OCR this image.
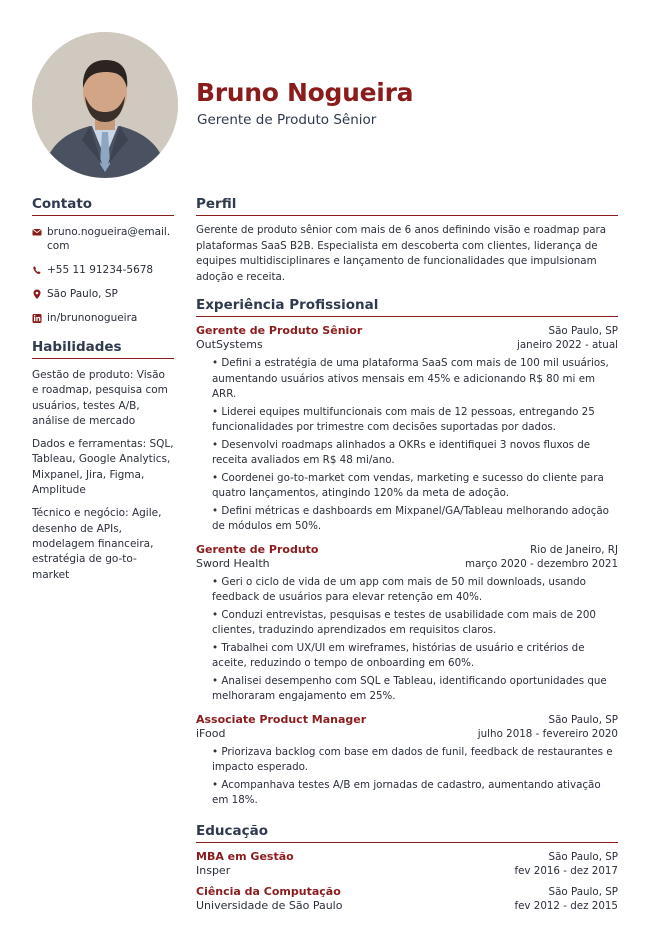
Bruno Nogueira
Gerente de Produto Sênior
Contato
bruno.nogueira@email.com
+55 11 91234-5678
São Paulo, SP
in/brunonogueira
Habilidades
Gestão de produto: Visão e roadmap, pesquisa com usuários, testes A/B, análise de mercado
Dados e ferramentas: SQL, Tableau, Google Analytics, Mixpanel, Jira, Figma, Amplitude
Técnico e negócio: Agile, desenho de APIs, modelagem financeira, estratégia de go-to-market
Perfil
Gerente de produto sênior com mais de 6 anos definindo visão e roadmap para plataformas SaaS B2B. Especialista em descoberta com clientes, liderança de equipes multidisciplinares e lançamento de funcionalidades que impulsionam adoção e receita.
Experiência Profissional
Gerente de Produto Sênior	São Paulo, SP
OutSystems	janeiro 2022 - atual
• Defini a estratégia de uma plataforma SaaS com mais de 100 mil usuários, aumentando usuários ativos mensais em 45% e adicionando R$ 80 mi em ARR.
• Liderei equipes multifuncionais com mais de 12 pessoas, entregando 25 funcionalidades por trimestre com decisões suportadas por dados.
• Desenvolvi roadmaps alinhados a OKRs e identifiquei 3 novos fluxos de receita avaliados em R$ 48 mi/ano.
• Coordenei go-to-market com vendas, marketing e sucesso do cliente para quatro lançamentos, atingindo 120% da meta de adoção.
• Defini métricas e dashboards em Mixpanel/GA/Tableau melhorando adoção de módulos em 50%.
Gerente de Produto	Rio de Janeiro, RJ
Sword Health	março 2020 - dezembro 2021
• Geri o ciclo de vida de um app com mais de 50 mil downloads, usando feedback de usuários para elevar retenção em 40%.
• Conduzi entrevistas, pesquisas e testes de usabilidade com mais de 200 clientes, traduzindo aprendizados em requisitos claros.
• Trabalhei com UX/UI em wireframes, histórias de usuário e critérios de aceite, reduzindo o tempo de onboarding em 60%.
• Analisei desempenho com SQL e Tableau, identificando oportunidades que melhoraram engajamento em 25%.
Associate Product Manager	São Paulo, SP
iFood	julho 2018 - fevereiro 2020
• Priorizava backlog com base em dados de funil, feedback de restaurantes e impacto esperado.
• Acompanhava testes A/B em jornadas de cadastro, aumentando ativação em 18%.
Educação
MBA em Gestão	São Paulo, SP
Insper	fev 2016 - dez 2017
Ciência da Computação	São Paulo, SP
Universidade de São Paulo	fev 2012 - dez 2015
